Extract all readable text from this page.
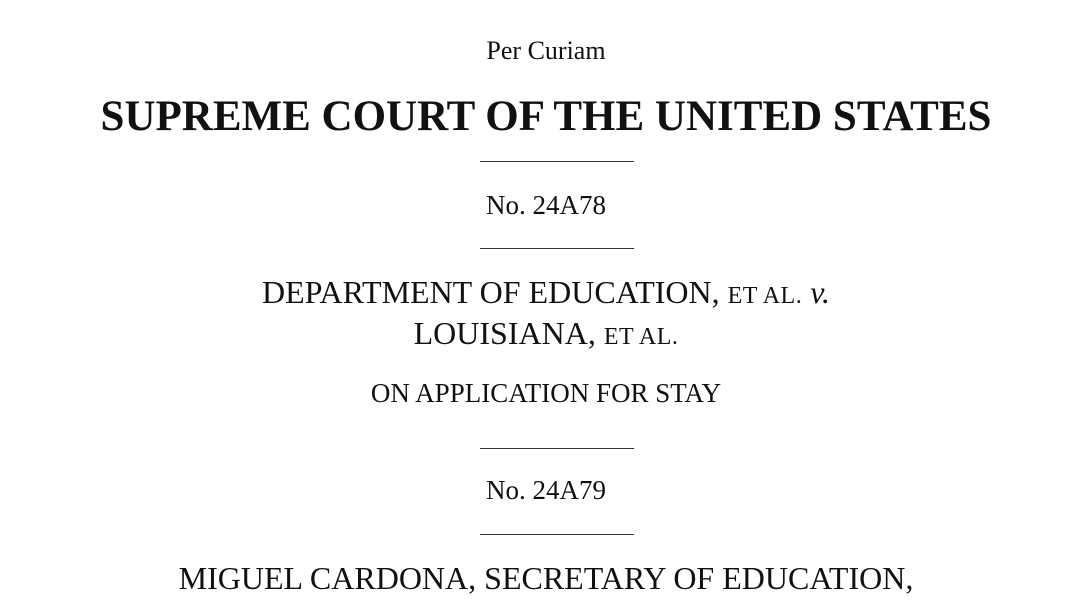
Per Curiam
SUPREME COURT OF THE UNITED STATES
No. 24A78
DEPARTMENT OF EDUCATION, ET AL. v.
LOUISIANA, ET AL.
ON APPLICATION FOR STAY
No. 24A79
MIGUEL CARDONA, SECRETARY OF EDUCATION,
